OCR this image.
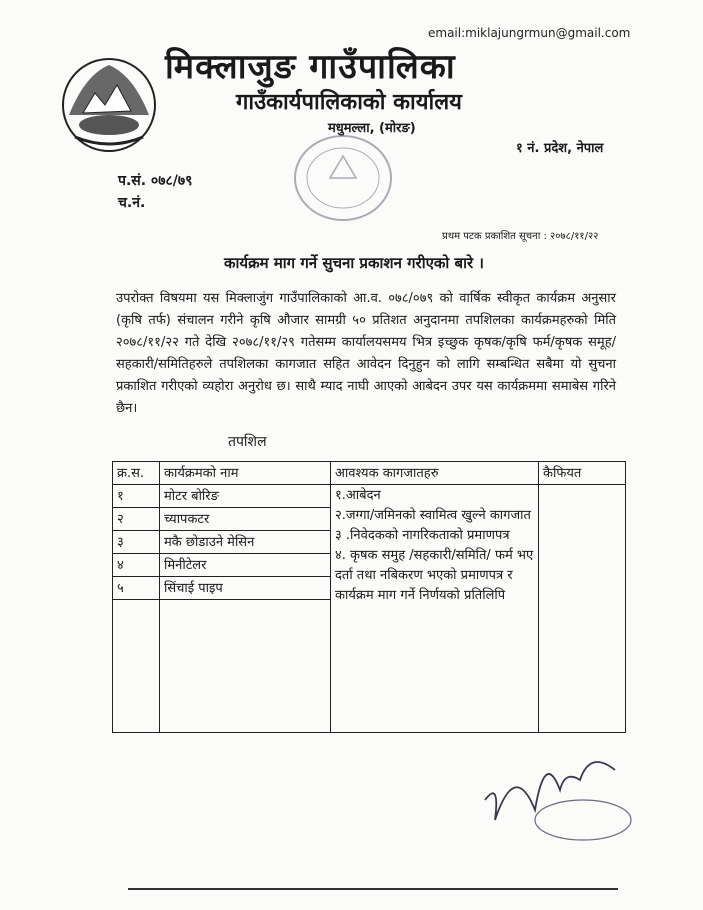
email:miklajungrmun@gmail.com
मिक्लाजुङ गाउँपालिका
गाउँकार्यपालिकाको कार्यालय
मधुमल्ला, (मोरङ)
१ नं. प्रदेश, नेपाल
प.सं. ०७८/७९
च.नं.
प्रथम पटक प्रकाशित सूचना : २०७८/११/२२
कार्यक्रम माग गर्ने सुचना प्रकाशन गरीएको बारे ।
उपरोक्त विषयमा यस मिक्लाजुंग गाउँपालिकाको आ.व. ०७८/०७९ को वार्षिक स्वीकृत कार्यक्रम अनुसार (कृषि तर्फ) संचालन गरीने कृषि औजार सामग्री ५० प्रतिशत अनुदानमा तपशिलका कार्यक्रमहरुको मिति २०७८/११/२२ गते देखि २०७८/११/२९ गतेसम्म कार्यालयसमय भित्र इच्छुक कृषक/कृषि फर्म/कृषक समूह/सहकारी/समितिहरुले तपशिलका कागजात सहित आवेदन दिनुहुन को लागि सम्बन्धित सबैमा यो सुचना प्रकाशित गरीएको व्यहोरा अनुरोध छ। साथै म्याद नाघी आएको आबेदन उपर यस कार्यक्रममा समाबेस गरिने छैन।
तपशिल
क्र.स.	कार्यक्रमको नाम	आवश्यक कागजातहरु	कैफियत
१	मोटर बोरिङ	१.आबेदन
२.जग्गा/जमिनको स्वामित्व खुल्ने कागजात
३ .निवेदकको नागरिकताको प्रमाणपत्र
४. कृषक समुह /सहकारी/समिति/ फर्म भए दर्ता तथा नबिकरण भएको प्रमाणपत्र र कार्यक्रम माग गर्ने निर्णयको प्रतिलिपि	

२	च्यापकटर		
३	मकै छोडाउने मेसिन		
४	मिनीटेलर		
५	सिंचाई पाइप		
